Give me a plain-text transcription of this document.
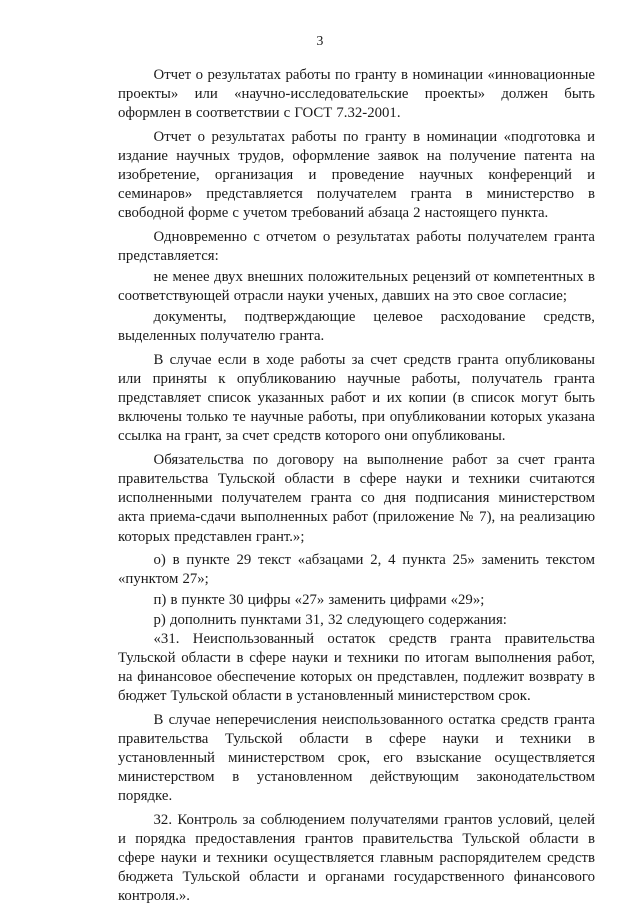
3

Отчет о результатах работы по гранту в номинации «инновационные проекты» или «научно-исследовательские проекты» должен быть оформлен в соответствии с ГОСТ 7.32-2001.

Отчет о результатах работы по гранту в номинации «подготовка и издание научных трудов, оформление заявок на получение патента на изобретение, организация и проведение научных конференций и семинаров» представляется получателем гранта в министерство в свободной форме с учетом требований абзаца 2 настоящего пункта.

Одновременно с отчетом о результатах работы получателем гранта представляется:

не менее двух внешних положительных рецензий от компетентных в соответствующей отрасли науки ученых, давших на это свое согласие;

документы, подтверждающие целевое расходование средств, выделенных получателю гранта.

В случае если в ходе работы за счет средств гранта опубликованы или приняты к опубликованию научные работы, получатель гранта представляет список указанных работ и их копии (в список могут быть включены только те научные работы, при опубликовании которых указана ссылка на грант, за счет средств которого они опубликованы.

Обязательства по договору на выполнение работ за счет гранта правительства Тульской области в сфере науки и техники считаются исполненными получателем гранта со дня подписания министерством акта приема-сдачи выполненных работ (приложение № 7), на реализацию которых представлен грант.»;

о) в пункте 29 текст «абзацами 2, 4 пункта 25» заменить текстом «пунктом 27»;

п) в пункте 30 цифры «27» заменить цифрами «29»;

р) дополнить пунктами 31, 32 следующего содержания:

«31. Неиспользованный остаток средств гранта правительства Тульской области в сфере науки и техники по итогам выполнения работ, на финансовое обеспечение которых он представлен, подлежит возврату в бюджет Тульской области в установленный министерством срок.

В случае неперечисления неиспользованного остатка средств гранта правительства Тульской области в сфере науки и техники в установленный министерством срок, его взыскание осуществляется министерством в установленном действующим законодательством порядке.

32. Контроль за соблюдением получателями грантов условий, целей и порядка предоставления грантов правительства Тульской области в сфере науки и техники осуществляется главным распорядителем средств бюджета Тульской области и органами государственного финансового контроля.».
